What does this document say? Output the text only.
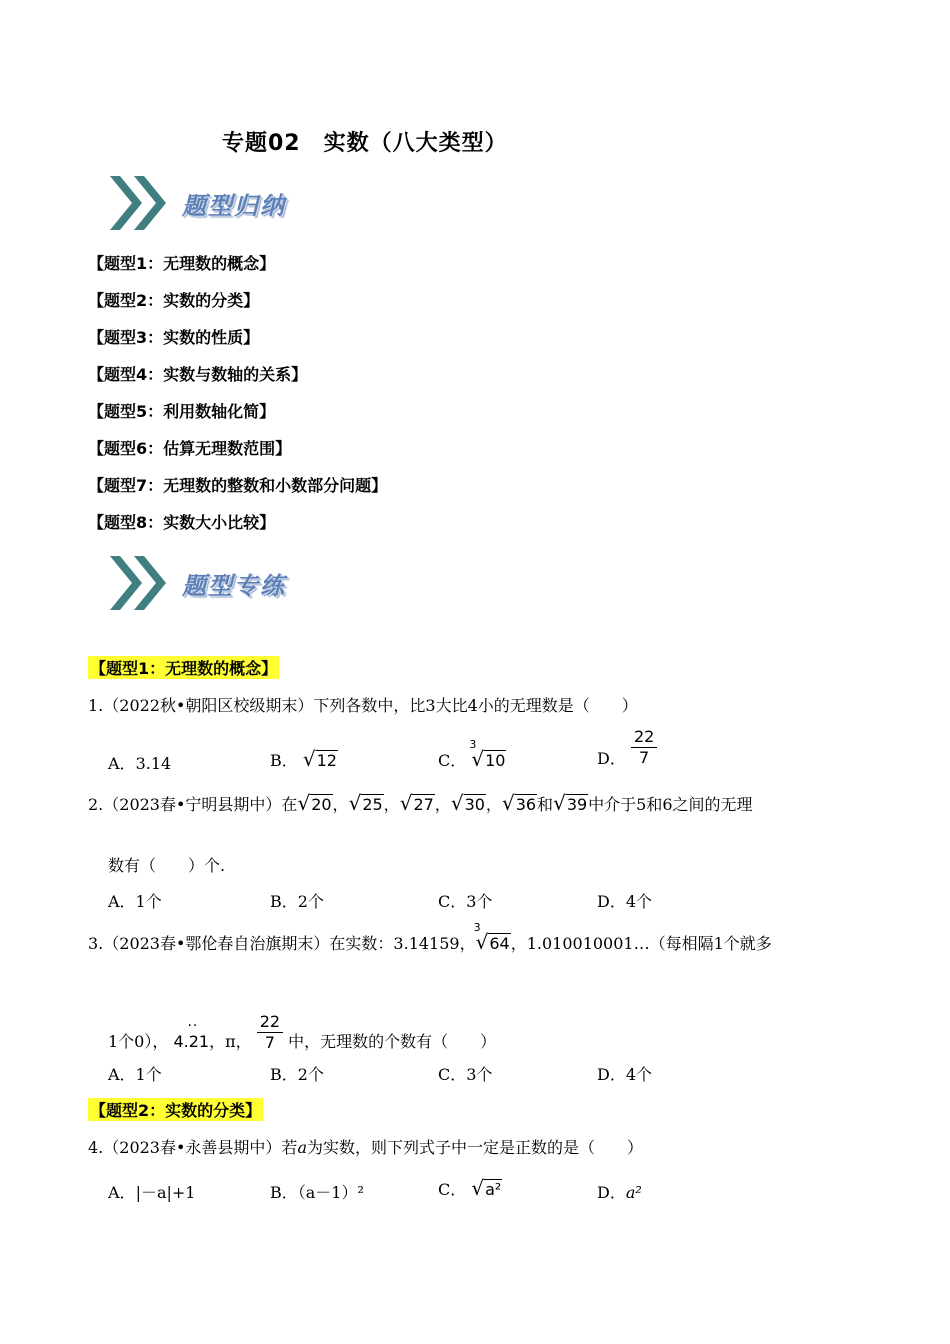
专题02　实数（八大类型）
题型归纳
【题型1：无理数的概念】
【题型2：实数的分类】
【题型3：实数的性质】
【题型4：实数与数轴的关系】
【题型5：利用数轴化简】
【题型6：估算无理数范围】
【题型7：无理数的整数和小数部分问题】
【题型8：实数大小比较】
题型专练
【题型1：无理数的概念】
1.（2022秋•朝阳区校级期末）下列各数中，比3大比4小的无理数是（　　）
A．3.14	B． √12	C．
3
√10	D． $\frac{22}{7}$
2.（2023春•宁明县期中）在√20，√25，√27，√30，√36和√39中介于5和6之间的无理
数有（　　）个.
A．1个	B．2个	C．3个	D．4个
3.（2023春•鄂伦春自治旗期末）在实数：3.14159，
3
√64，1.010010001…（每相隔1个就多
1个0），
··
4.21，π， $\frac{22}{7}$ 中，无理数的个数有（　　）
A．1个	B．2个	C．3个	D．4个
【题型2：实数的分类】
4.（2023春•永善县期中）若a为实数，则下列式子中一定是正数的是（　　）
A．|－a|+1	B．（a－1）²	C． √a²	D．a²
